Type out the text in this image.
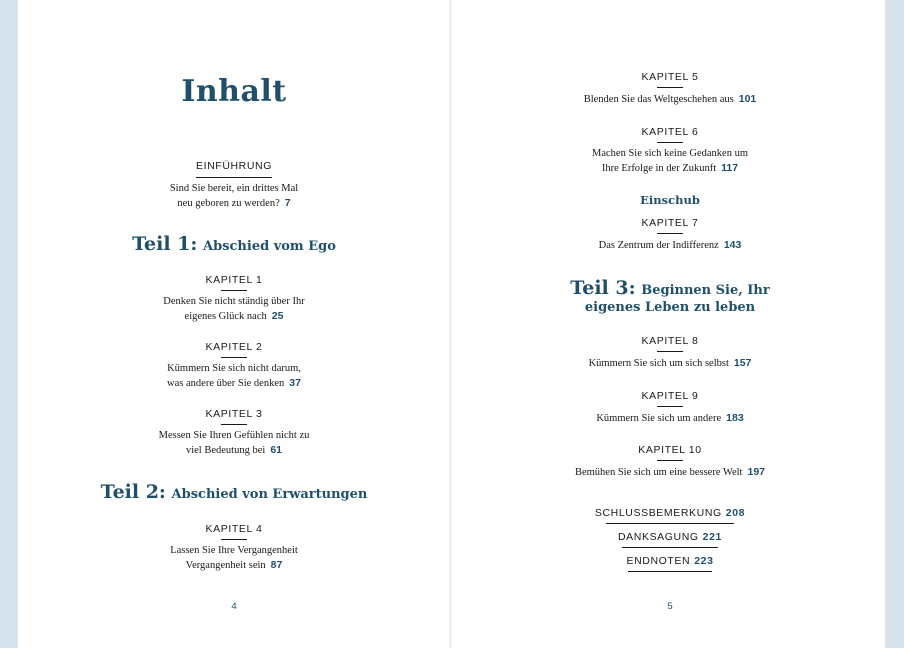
Inhalt
EINFÜHRUNG
Sind Sie bereit, ein drittes Mal
neu geboren zu werden? 7
Teil 1: Abschied vom Ego
KAPITEL 1
Denken Sie nicht ständig über Ihr
eigenes Glück nach 25
KAPITEL 2
Kümmern Sie sich nicht darum,
was andere über Sie denken 37
KAPITEL 3
Messen Sie Ihren Gefühlen nicht zu
viel Bedeutung bei 61
Teil 2: Abschied von Erwartungen
KAPITEL 4
Lassen Sie Ihre Vergangenheit
Vergangenheit sein 87
4
KAPITEL 5
Blenden Sie das Weltgeschehen aus 101
KAPITEL 6
Machen Sie sich keine Gedanken um
Ihre Erfolge in der Zukunft 117
Einschub
KAPITEL 7
Das Zentrum der Indifferenz 143
Teil 3: Beginnen Sie, Ihr
eigenes Leben zu leben
KAPITEL 8
Kümmern Sie sich um sich selbst 157
KAPITEL 9
Kümmern Sie sich um andere 183
KAPITEL 10
Bemühen Sie sich um eine bessere Welt 197
SCHLUSSBEMERKUNG 208
DANKSAGUNG 221
ENDNOTEN 223
5
